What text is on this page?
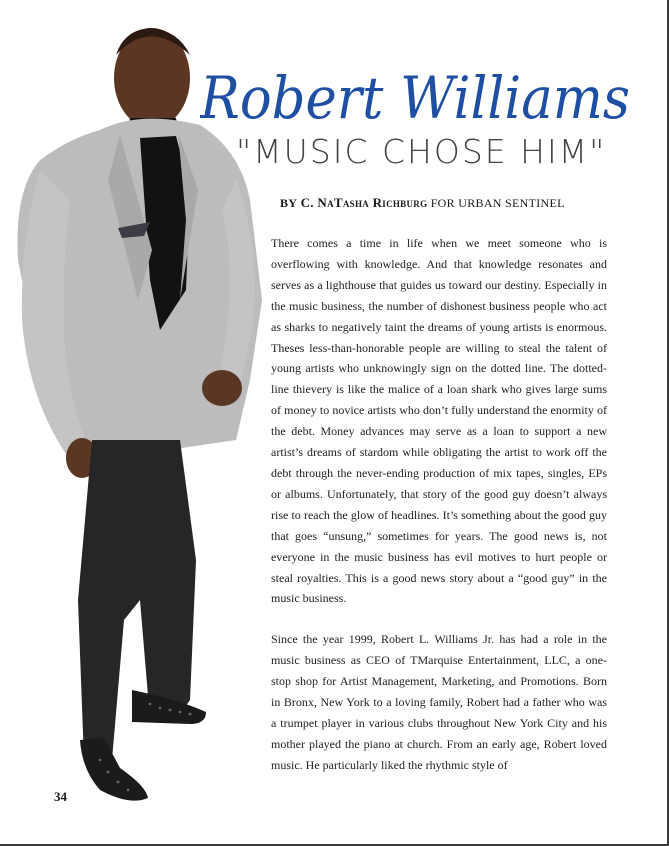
Robert Williams
"MUSIC CHOSE HIM"
BY C. NaTasha Richburg FOR URBAN SENTINEL

There comes a time in life when we meet someone who is overflowing with knowledge. And that knowledge resonates and serves as a lighthouse that guides us toward our destiny. Especially in the music business, the number of dishonest business people who act as sharks to negatively taint the dreams of young artists is enormous. Theses less-than-honorable people are willing to steal the talent of young artists who unknowingly sign on the dotted line. The dotted-line thievery is like the malice of a loan shark who gives large sums of money to novice artists who don’t fully understand the enormity of the debt. Money advances may serve as a loan to support a new artist’s dreams of stardom while obligating the artist to work off the debt through the never-ending production of mix tapes, singles, EPs or albums. Unfortunately, that story of the good guy doesn’t always rise to reach the glow of headlines. It’s something about the good guy that goes “unsung,” sometimes for years. The good news is, not everyone in the music business has evil motives to hurt people or steal royalties. This is a good news story about a “good guy” in the music business.

Since the year 1999, Robert L. Williams Jr. has had a role in the music business as CEO of TMarquise Entertainment, LLC, a one-stop shop for Artist Management, Marketing, and Promotions. Born in Bronx, New York to a loving family, Robert had a father who was a trumpet player in various clubs throughout New York City and his mother played the piano at church. From an early age, Robert loved music. He particularly liked the rhythmic style of

34
